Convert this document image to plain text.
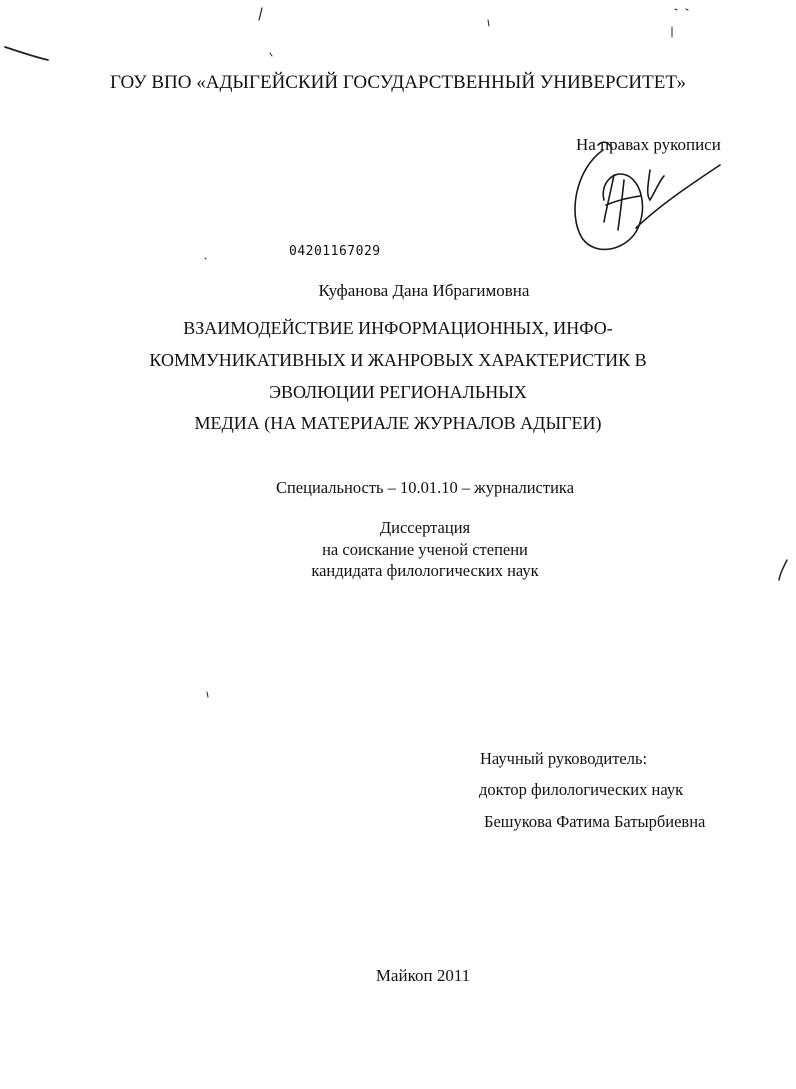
ГОУ ВПО «АДЫГЕЙСКИЙ ГОСУДАРСТВЕННЫЙ УНИВЕРСИТЕТ»
На правах рукописи
04201167029
Куфанова Дана Ибрагимовна
ВЗАИМОДЕЙСТВИЕ ИНФОРМАЦИОННЫХ, ИНФО-
КОММУНИКАТИВНЫХ И ЖАНРОВЫХ ХАРАКТЕРИСТИК В
ЭВОЛЮЦИИ РЕГИОНАЛЬНЫХ
МЕДИА (НА МАТЕРИАЛЕ ЖУРНАЛОВ АДЫГЕИ)
Специальность – 10.01.10 – журналистика
Диссертация
на соискание ученой степени
кандидата филологических наук
Научный руководитель:
доктор филологических наук
Бешукова Фатима Батырбиевна
Майкоп 2011
